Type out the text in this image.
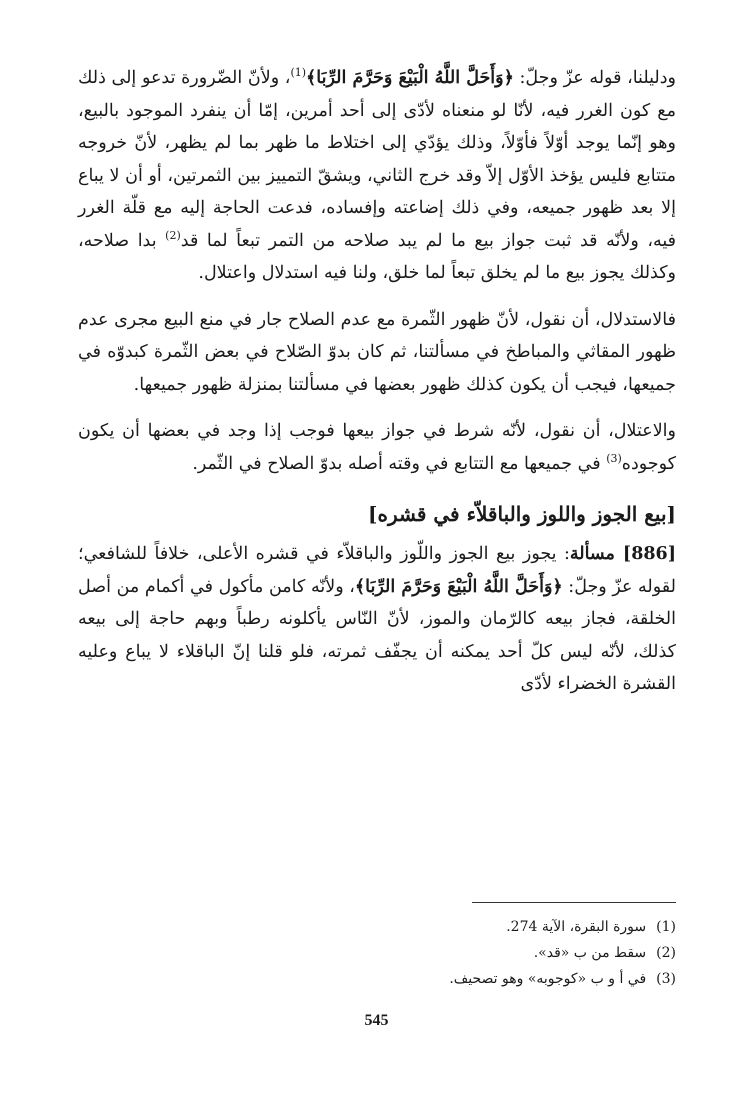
ودليلنا، قوله عزّ وجلّ: ﴿وَأَحَلَّ اللَّهُ الْبَيْعَ وَحَرَّمَ الرِّبَا﴾$^{(1)}$، ولأنّ الضّرورة تدعو إلى ذلك مع كون الغرر فيه، لأنّا لو منعناه لأدّى إلى أحد أمرين، إمّا أن ينفرد الموجود بالبيع، وهو إنّما يوجد أوّلاً فأوّلاً، وذلك يؤدّي إلى اختلاط ما ظهر بما لم يظهر، لأنّ خروجه متتابع فليس يؤخذ الأوّل إلاّ وقد خرج الثاني، ويشقّ التمييز بين الثمرتين، أو أن لا يباع إلا بعد ظهور جميعه، وفي ذلك إضاعته وإفساده، فدعت الحاجة إليه مع قلّة الغرر فيه، ولأنّه قد ثبت جواز بيع ما لم يبد صلاحه من التمر تبعاً لما قد$^{(2)}$ بدا صلاحه، وكذلك يجوز بيع ما لم يخلق تبعاً لما خلق، ولنا فيه استدلال واعتلال.

فالاستدلال، أن نقول، لأنّ ظهور الثّمرة مع عدم الصلاح جار في منع البيع مجرى عدم ظهور المقاثي والمباطخ في مسألتنا، ثم كان بدوّ الصّلاح في بعض الثّمرة كبدوّه في جميعها، فيجب أن يكون كذلك ظهور بعضها في مسألتنا بمنزلة ظهور جميعها.

والاعتلال، أن نقول، لأنّه شرط في جواز بيعها فوجب إذا وجد في بعضها أن يكون كوجوده$^{(3)}$ في جميعها مع التتابع في وقته أصله بدوّ الصلاح في الثّمر.

[بيع الجوز واللوز والباقلاّء في قشره]

[886] مسألة: يجوز بيع الجوز واللّوز والباقلاّء في قشره الأعلى، خلافاً للشافعي؛ لقوله عزّ وجلّ: ﴿وَأَحَلَّ اللَّهُ الْبَيْعَ وَحَرَّمَ الرِّبَا﴾، ولأنّه كامن مأكول في أكمام من أصل الخلقة، فجاز بيعه كالرّمان والموز، لأنّ النّاس يأكلونه رطباً وبهم حاجة إلى بيعه كذلك، لأنّه ليس كلّ أحد يمكنه أن يجفّف ثمرته، فلو قلنا إنّ الباقلاء لا يباع وعليه القشرة الخضراء لأدّى

(1)سورة البقرة، الآية 274.
(2)سقط من ب «قد».
(3)في أ و ب «كوجوبه» وهو تصحيف.
545
